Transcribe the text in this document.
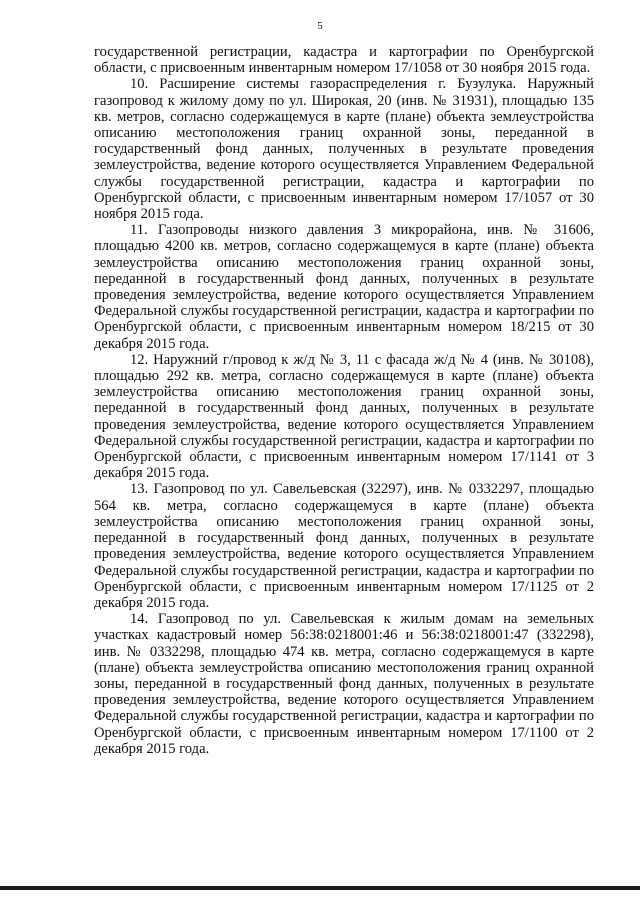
5

государственной регистрации, кадастра и картографии по Оренбургской области, с присвоенным инвентарным номером 17/1058 от 30 ноября 2015 года.

10. Расширение системы газораспределения г. Бузулука. Наружный газопровод к жилому дому по ул. Широкая, 20 (инв. № 31931), площадью 135 кв. метров, согласно содержащемуся в карте (плане) объекта землеустройства описанию местоположения границ охранной зоны, переданной в государственный фонд данных, полученных в результате проведения землеустройства, ведение которого осуществляется Управлением Федеральной службы государственной регистрации, кадастра и картографии по Оренбургской области, с присвоенным инвентарным номером 17/1057 от 30 ноября 2015 года.

11. Газопроводы низкого давления 3 микрорайона, инв. № 31606, площадью 4200 кв. метров, согласно содержащемуся в карте (плане) объекта землеустройства описанию местоположения границ охранной зоны, переданной в государственный фонд данных, полученных в результате проведения землеустройства, ведение которого осуществляется Управлением Федеральной службы государственной регистрации, кадастра и картографии по Оренбургской области, с присвоенным инвентарным номером 18/215 от 30 декабря 2015 года.

12. Наружний г/провод к ж/д № 3, 11 с фасада ж/д № 4 (инв. № 30108), площадью 292 кв. метра, согласно содержащемуся в карте (плане) объекта землеустройства описанию местоположения границ охранной зоны, переданной в государственный фонд данных, полученных в результате проведения землеустройства, ведение которого осуществляется Управлением Федеральной службы государственной регистрации, кадастра и картографии по Оренбургской области, с присвоенным инвентарным номером 17/1141 от 3 декабря 2015 года.

13. Газопровод по ул. Савельевская (32297), инв. № 0332297, площадью 564 кв. метра, согласно содержащемуся в карте (плане) объекта землеустройства описанию местоположения границ охранной зоны, переданной в государственный фонд данных, полученных в результате проведения землеустройства, ведение которого осуществляется Управлением Федеральной службы государственной регистрации, кадастра и картографии по Оренбургской области, с присвоенным инвентарным номером 17/1125 от 2 декабря 2015 года.

14. Газопровод по ул. Савельевская к жилым домам на земельных участках кадастровый номер 56:38:0218001:46 и 56:38:0218001:47 (332298), инв. № 0332298, площадью 474 кв. метра, согласно содержащемуся в карте (плане) объекта землеустройства описанию местоположения границ охранной зоны, переданной в государственный фонд данных, полученных в результате проведения землеустройства, ведение которого осуществляется Управлением Федеральной службы государственной регистрации, кадастра и картографии по Оренбургской области, с присвоенным инвентарным номером 17/1100 от 2 декабря 2015 года.
